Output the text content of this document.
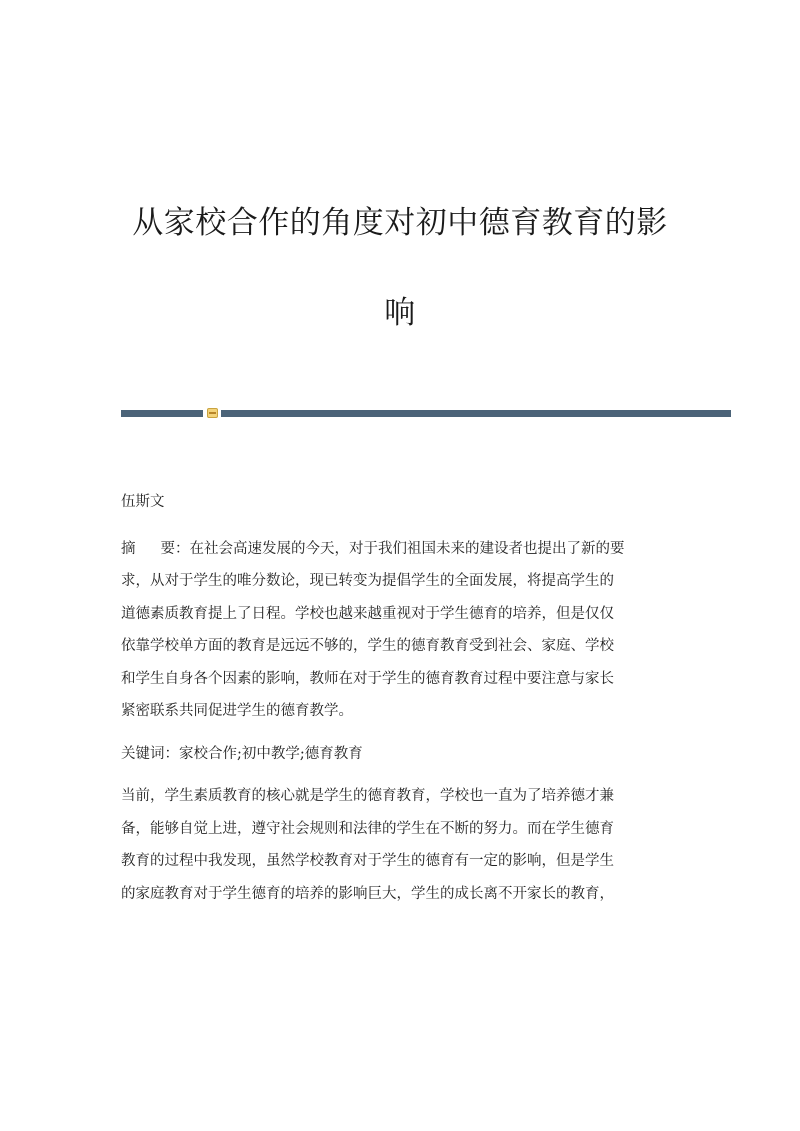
从家校合作的角度对初中德育教育的影
响
伍斯文
摘 要：在社会高速发展的今天，对于我们祖国未来的建设者也提出了新的要
求，从对于学生的唯分数论，现已转变为提倡学生的全面发展，将提高学生的
道德素质教育提上了日程。学校也越来越重视对于学生德育的培养，但是仅仅
依靠学校单方面的教育是远远不够的，学生的德育教育受到社会、家庭、学校
和学生自身各个因素的影响，教师在对于学生的德育教育过程中要注意与家长
紧密联系共同促进学生的德育教学。
关键词：家校合作;初中教学;德育教育
当前，学生素质教育的核心就是学生的德育教育，学校也一直为了培养德才兼
备，能够自觉上进，遵守社会规则和法律的学生在不断的努力。而在学生德育
教育的过程中我发现，虽然学校教育对于学生的德育有一定的影响，但是学生
的家庭教育对于学生德育的培养的影响巨大，学生的成长离不开家长的教育，
